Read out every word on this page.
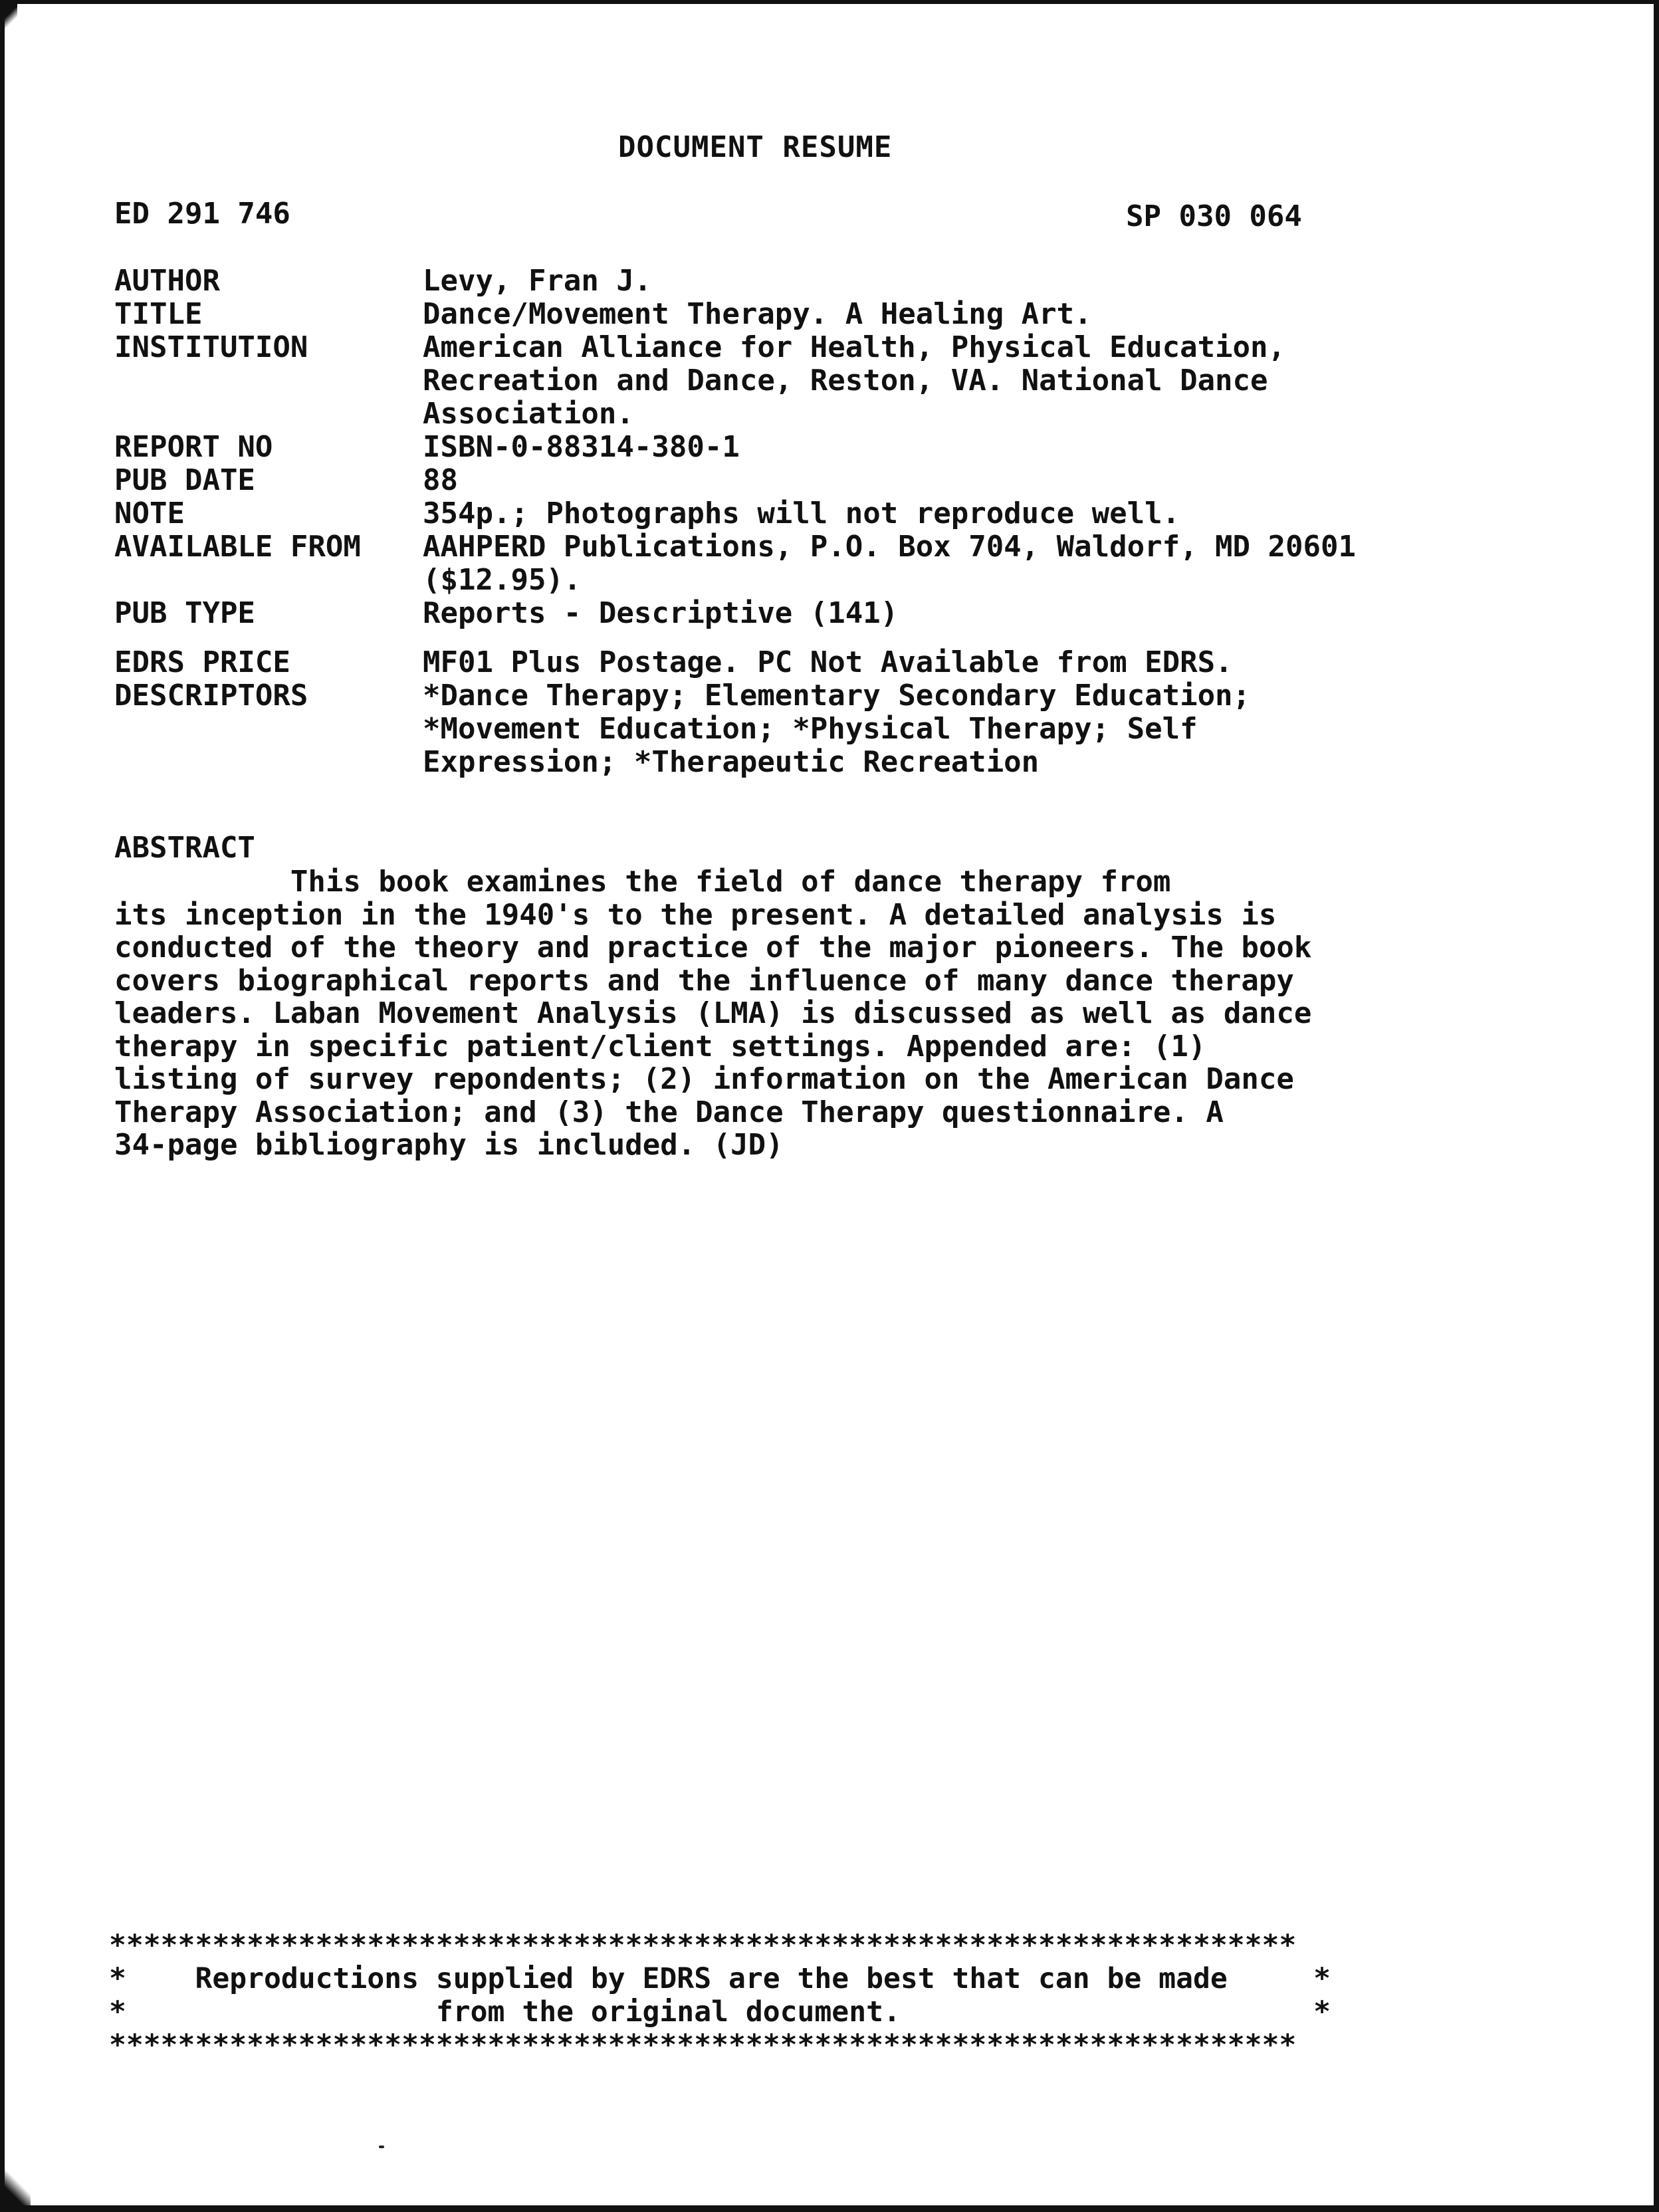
DOCUMENT RESUME
ED 291 746	SP 030 064
AUTHOR	Levy, Fran J.
TITLE	Dance/Movement Therapy. A Healing Art.
INSTITUTION	American Alliance for Health, Physical Education,
Recreation and Dance, Reston, VA. National Dance
Association.
REPORT NO	ISBN-0-88314-380-1
PUB DATE	88
NOTE	354p.; Photographs will not reproduce well.
AVAILABLE FROM	AAHPERD Publications, P.O. Box 704, Waldorf, MD 20601
($12.95).
PUB TYPE	Reports - Descriptive (141)
EDRS PRICE	MF01 Plus Postage. PC Not Available from EDRS.
DESCRIPTORS	*Dance Therapy; Elementary Secondary Education;
*Movement Education; *Physical Therapy; Self
Expression; *Therapeutic Recreation
ABSTRACT
This book examines the field of dance therapy from
its inception in the 1940's to the present. A detailed analysis is
conducted of the theory and practice of the major pioneers. The book
covers biographical reports and the influence of many dance therapy
leaders. Laban Movement Analysis (LMA) is discussed as well as dance
therapy in specific patient/client settings. Appended are: (1)
listing of survey repondents; (2) information on the American Dance
Therapy Association; and (3) the Dance Therapy questionnaire. A
34-page bibliography is included. (JD)
*********************************************************************
*    Reproductions supplied by EDRS are the best that can be made     *
*                  from the original document.                        *
*********************************************************************
